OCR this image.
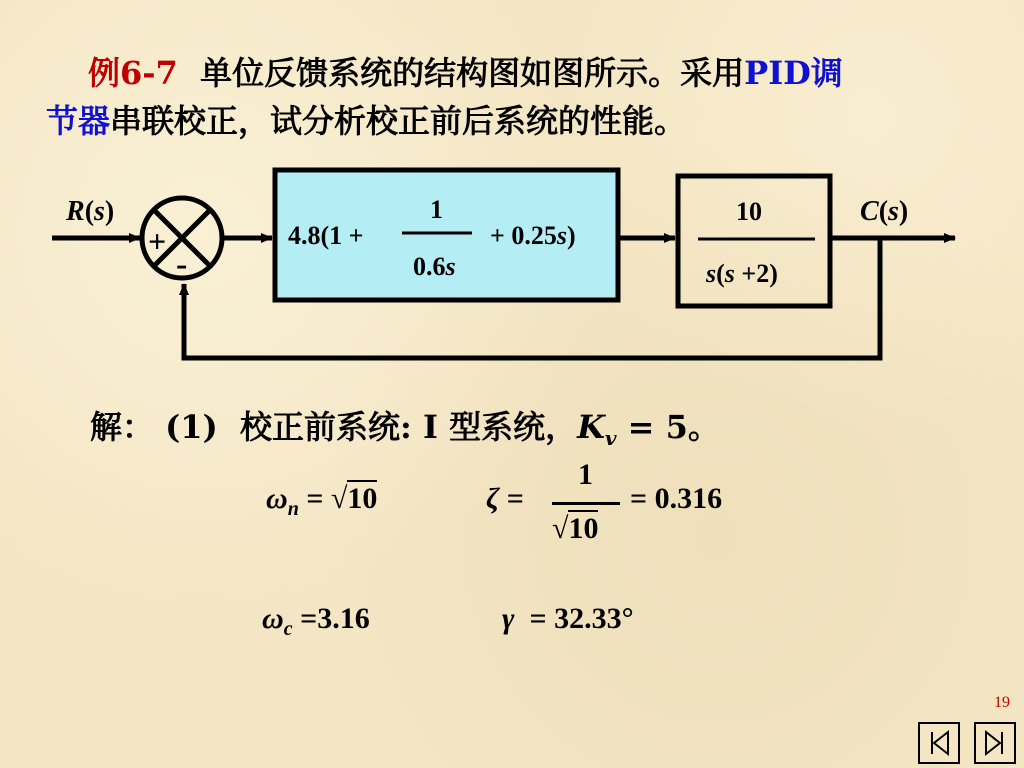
例6-7 单位反馈系统的结构图如图所示。采用PID调
节器串联校正，试分析校正前后系统的性能。
R(s)
+
-
4.8(1 +
1
0.6s
+ 0.25s)
10
s(s +2)
C(s)
解： (1) 校正前系统: I 型系统，$K_v = 5$。
$\omega_n = √10$	ζ =
1
√10
= 0.316
$\omega_c =3.16$	γ = 32.33°
19
